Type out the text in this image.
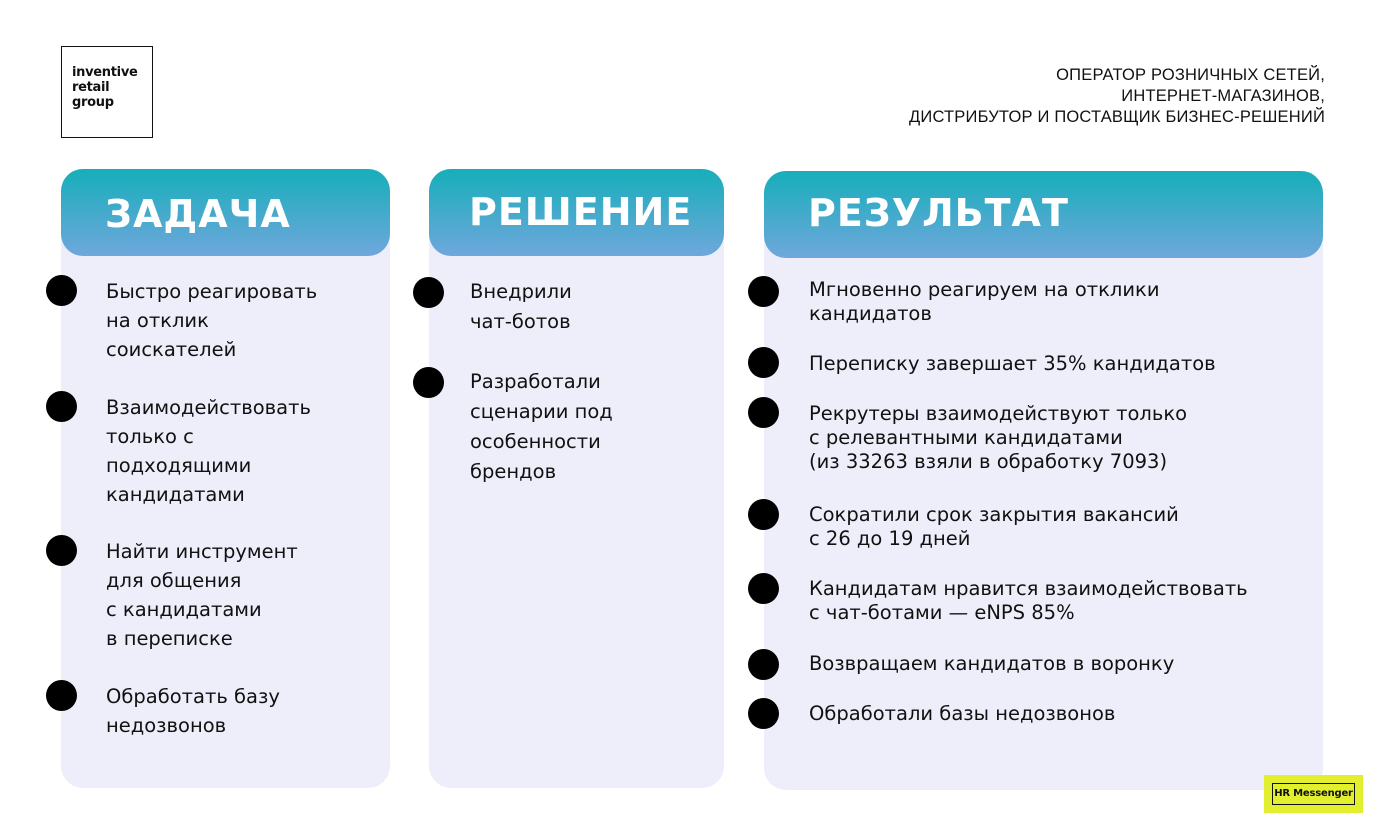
inventive
retail
group
ОПЕРАТОР РОЗНИЧНЫХ СЕТЕЙ,
ИНТЕРНЕТ-МАГАЗИНОВ,
ДИСТРИБУТОР И ПОСТАВЩИК БИЗНЕС-РЕШЕНИЙ
ЗАДАЧА
Быстро реагировать
на отклик
соискателей
Взаимодействовать
только с
подходящими
кандидатами
Найти инструмент
для общения
с кандидатами
в переписке
Обработать базу
недозвонов
РЕШЕНИЕ
Внедрили
чат-ботов
Разработали
сценарии под
особенности
брендов
РЕЗУЛЬТАТ
Мгновенно реагируем на отклики
кандидатов
Переписку завершает 35% кандидатов
Рекрутеры взаимодействуют только
с релевантными кандидатами
(из 33263 взяли в обработку 7093)
Сократили срок закрытия вакансий
с 26 до 19 дней
Кандидатам нравится взаимодействовать
с чат-ботами — eNPS 85%
Возвращаем кандидатов в воронку
Обработали базы недозвонов
HR Messenger
